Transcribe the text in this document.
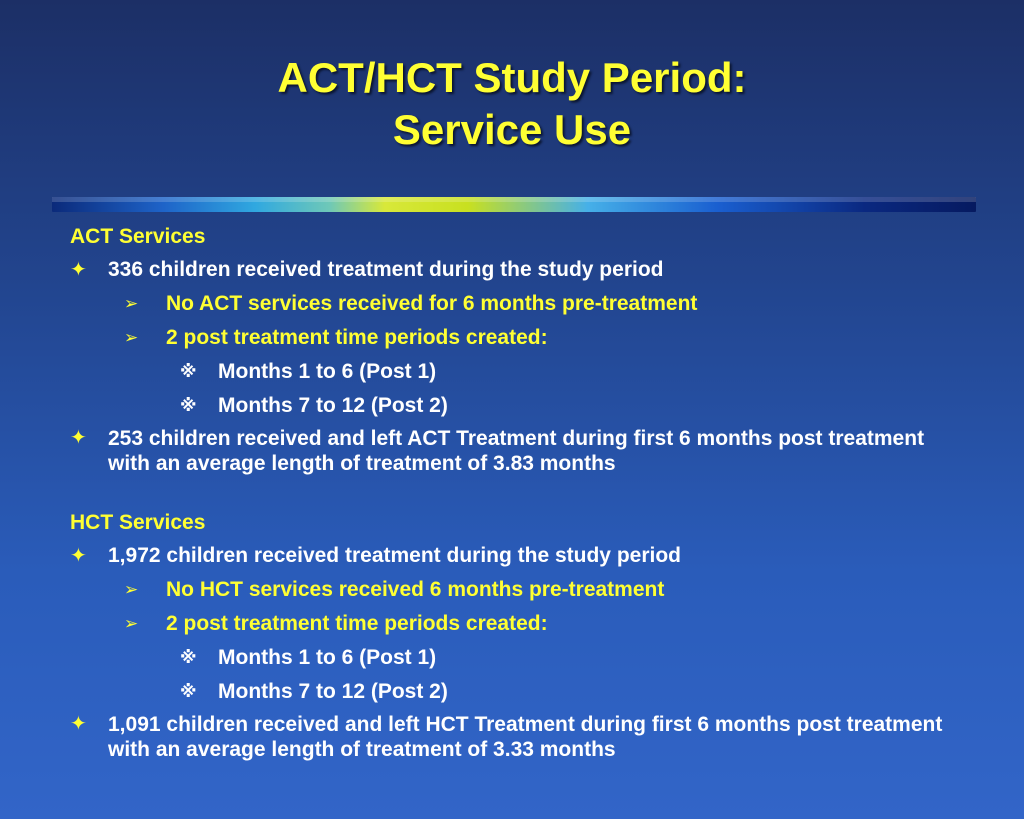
ACT/HCT Study Period:
Service Use

ACT Services

✦ 336 children received treatment during the study period
➢ No ACT services received for 6 months pre-treatment
➢ 2 post treatment time periods created:
※ Months 1 to 6 (Post 1)
※ Months 7 to 12 (Post 2)
✦ 253 children received and left ACT Treatment during first 6 months post treatment with an average length of treatment of 3.83 months

HCT Services

✦ 1,972 children received treatment during the study period
➢ No HCT services received 6 months pre-treatment
➢ 2 post treatment time periods created:
※ Months 1 to 6 (Post 1)
※ Months 7 to 12 (Post 2)
✦ 1,091 children received and left HCT Treatment during first 6 months post treatment with an average length of treatment of 3.33 months
